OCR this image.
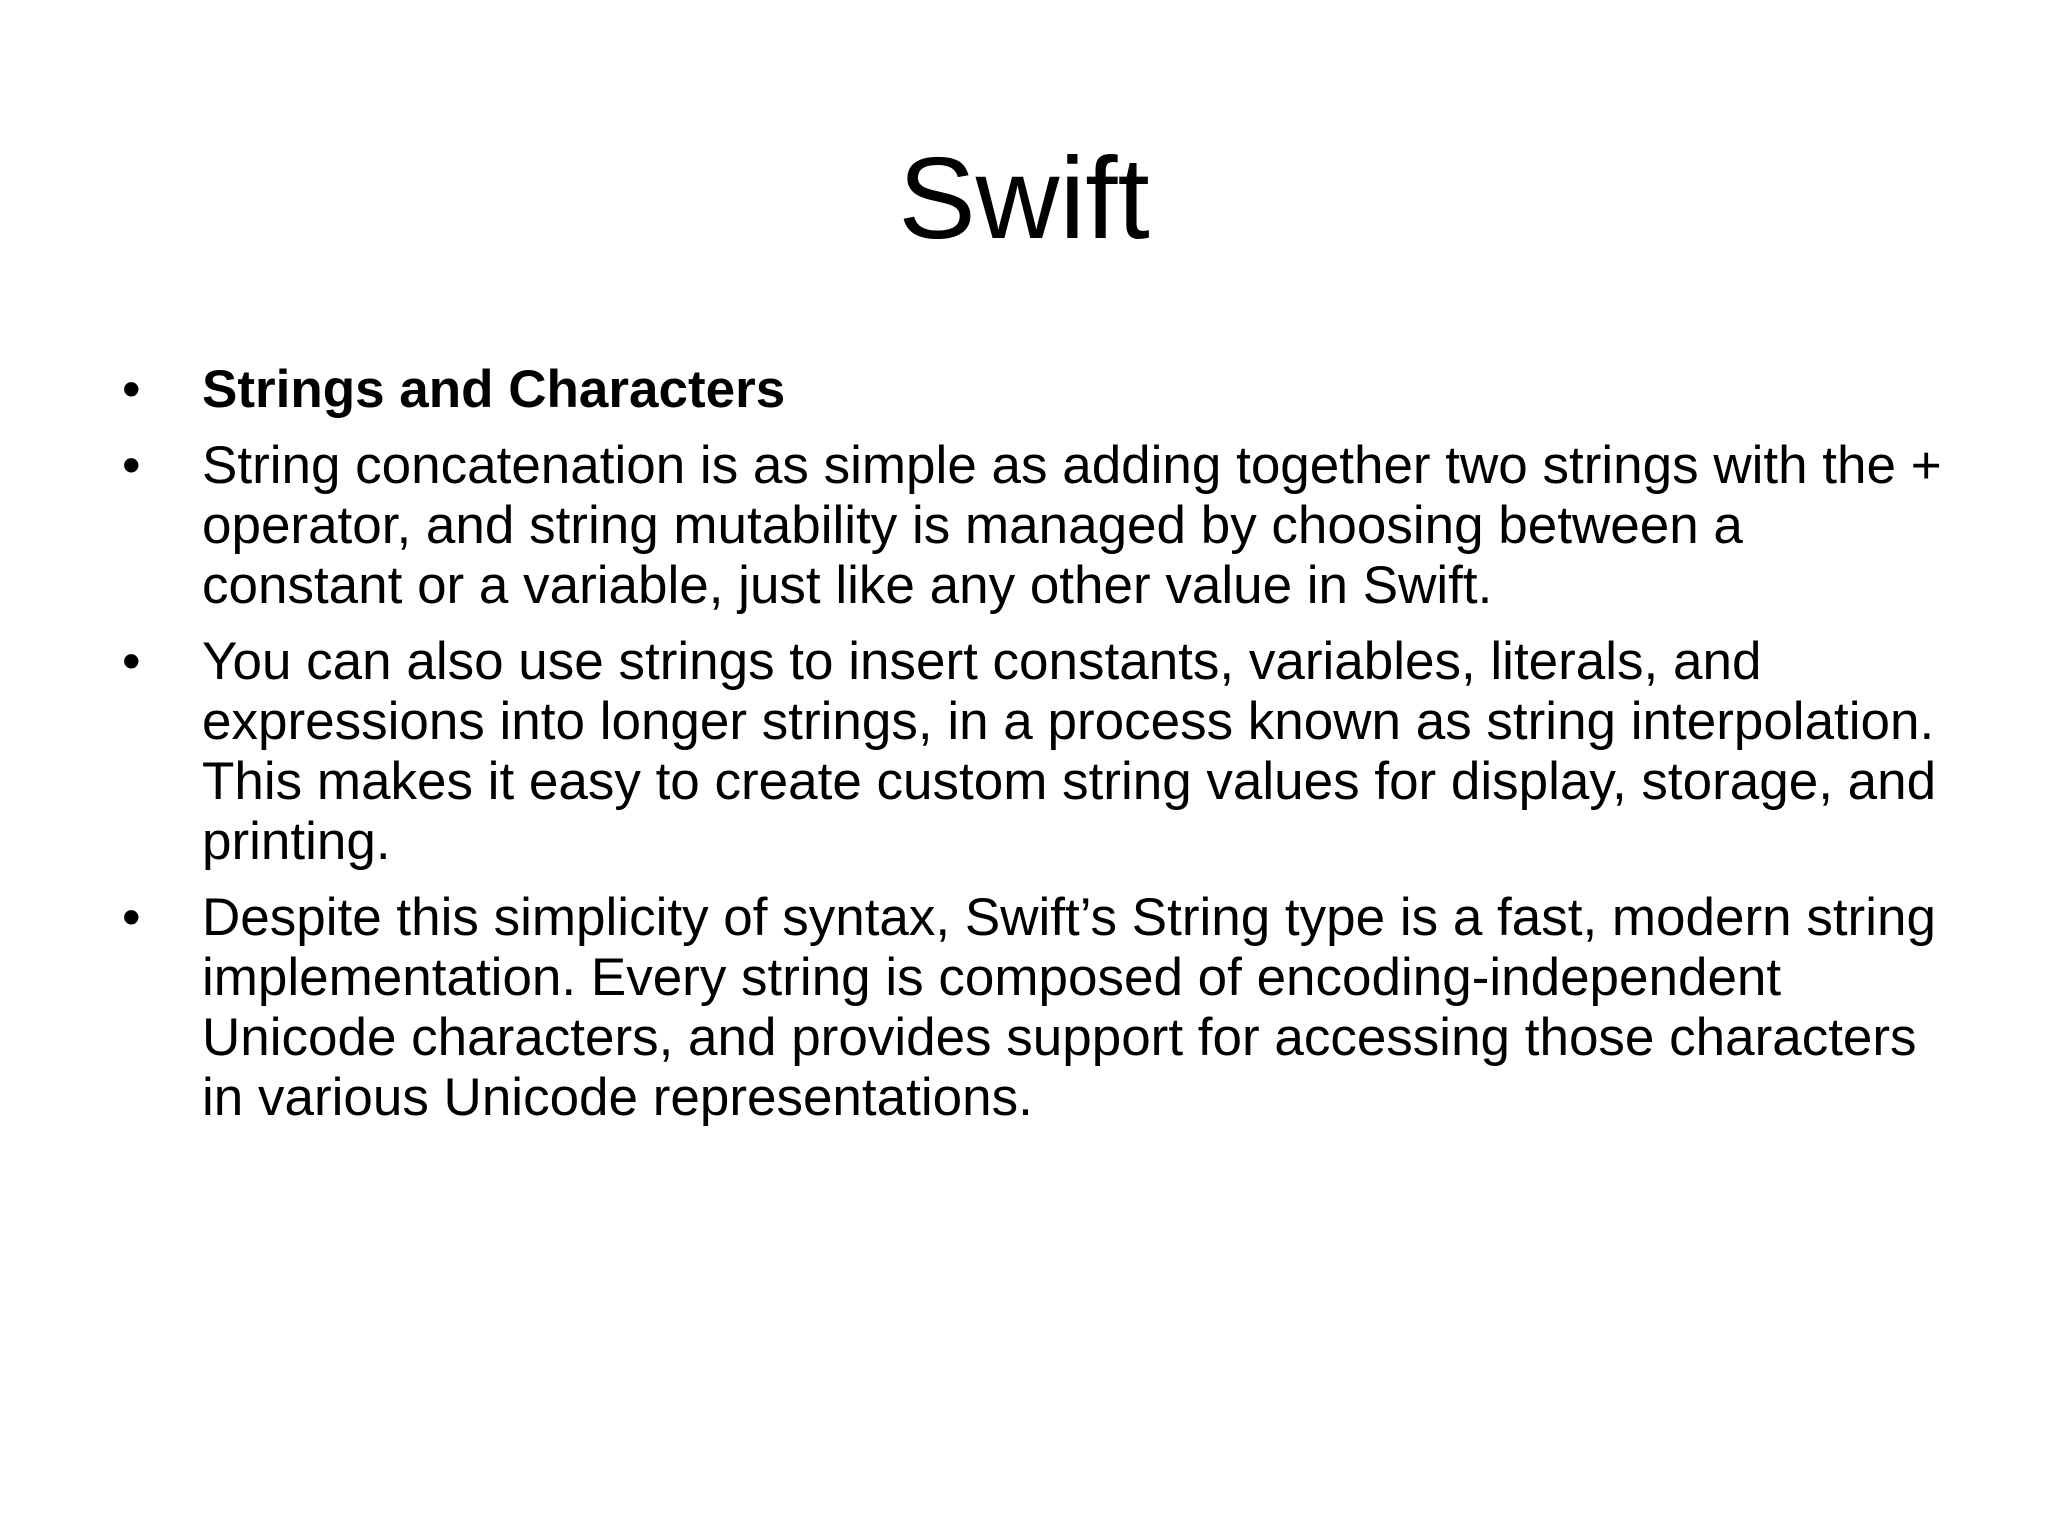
Swift
•	Strings and Characters
•	String concatenation is as simple as adding together two strings with the + operator, and string mutability is managed by choosing between a constant or a variable, just like any other value in Swift.
•	You can also use strings to insert constants, variables, literals, and expressions into longer strings, in a process known as string interpolation. This makes it easy to create custom string values for display, storage, and printing.
•	Despite this simplicity of syntax, Swift’s String type is a fast, modern string implementation. Every string is composed of encoding-independent Unicode characters, and provides support for accessing those characters in various Unicode representations.
